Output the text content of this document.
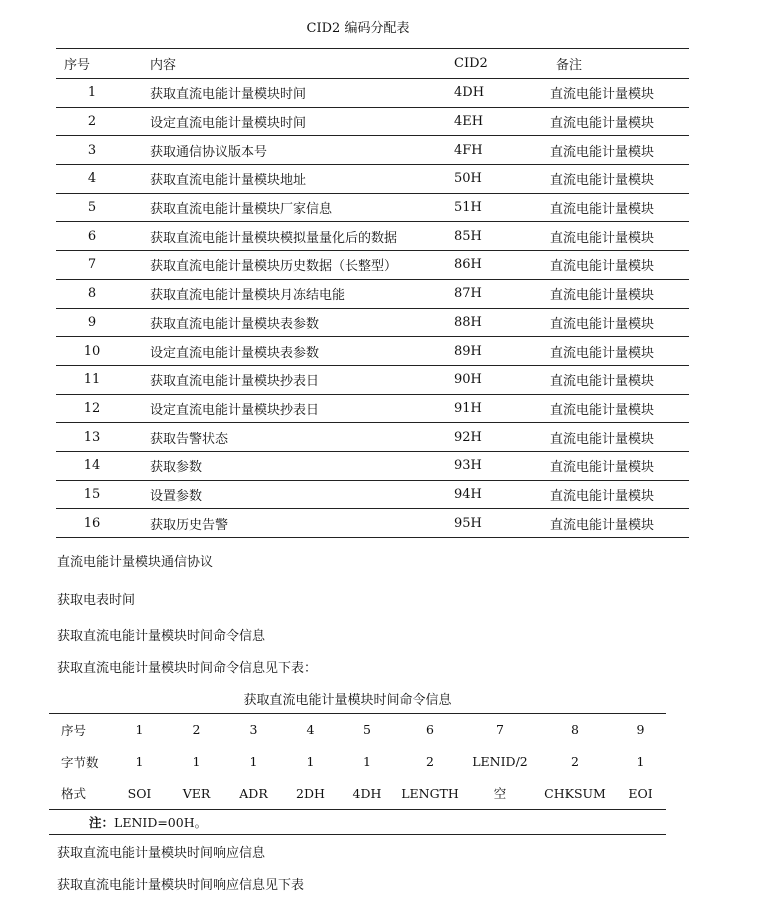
CID2 编码分配表
序号	内容	CID2	备注
1	获取直流电能计量模块时间	4DH	直流电能计量模块
2	设定直流电能计量模块时间	4EH	直流电能计量模块
3	获取通信协议版本号	4FH	直流电能计量模块
4	获取直流电能计量模块地址	50H	直流电能计量模块
5	获取直流电能计量模块厂家信息	51H	直流电能计量模块
6	获取直流电能计量模块模拟量量化后的数据	85H	直流电能计量模块
7	获取直流电能计量模块历史数据（长整型）	86H	直流电能计量模块
8	获取直流电能计量模块月冻结电能	87H	直流电能计量模块
9	获取直流电能计量模块表参数	88H	直流电能计量模块
10	设定直流电能计量模块表参数	89H	直流电能计量模块
11	获取直流电能计量模块抄表日	90H	直流电能计量模块
12	设定直流电能计量模块抄表日	91H	直流电能计量模块
13	获取告警状态	92H	直流电能计量模块
14	获取参数	93H	直流电能计量模块
15	设置参数	94H	直流电能计量模块
16	获取历史告警	95H	直流电能计量模块
直流电能计量模块通信协议
获取电表时间
获取直流电能计量模块时间命令信息
获取直流电能计量模块时间命令信息见下表：
获取直流电能计量模块时间命令信息
序号	1	2	3	4	5	6	7	8	9
字节数	1	1	1	1	1	2	LENID/2	2	1
格式	SOI	VER	ADR	2DH	4DH	LENGTH	空	CHKSUM	EOI
注：LENID=00H。									
获取直流电能计量模块时间响应信息
获取直流电能计量模块时间响应信息见下表
